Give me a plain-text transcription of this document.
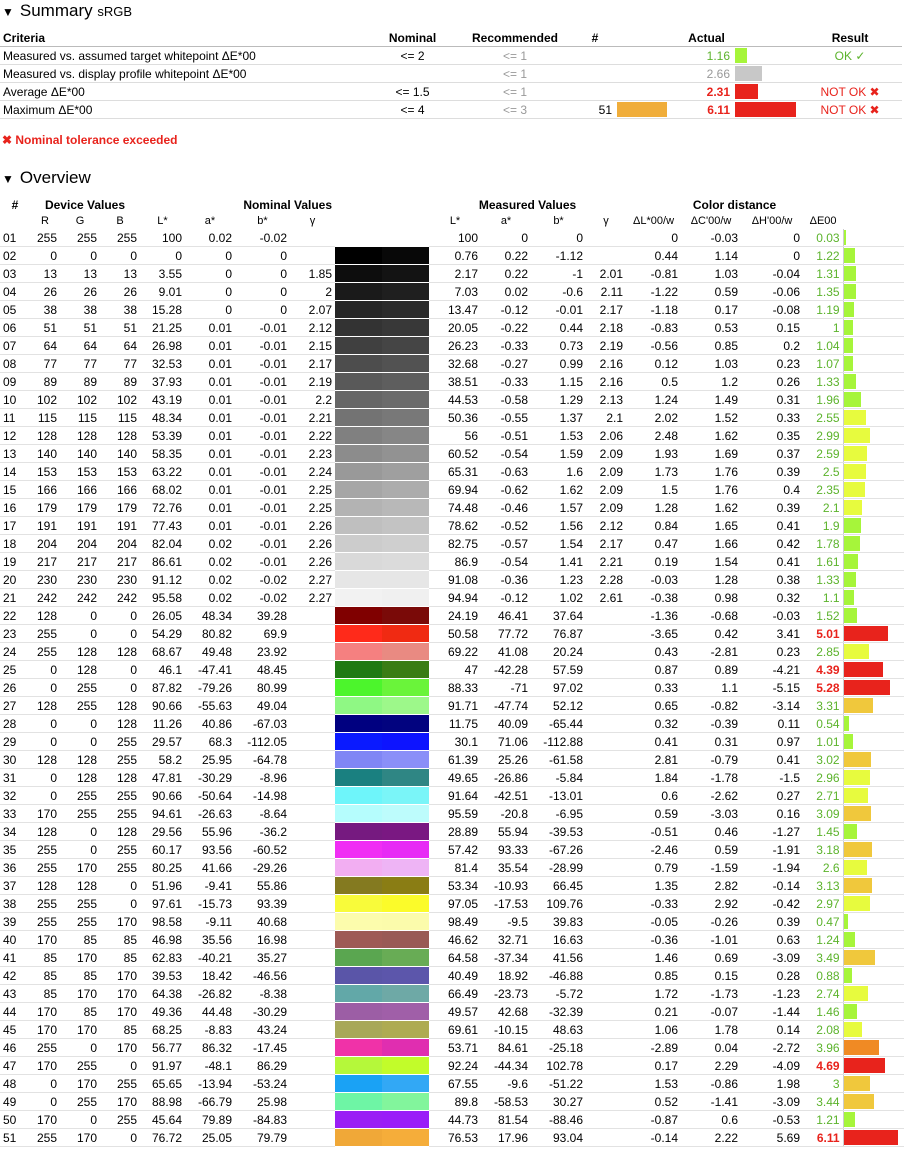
▼ Summary sRGB
Criteria	Nominal	Recommended	#	Actual			Result
Measured vs. assumed target whitepoint ΔE*00	<= 2	<= 1			1.16		OK ✓
Measured vs. display profile whitepoint ΔE*00		<= 1			2.66	

Average ΔE*00	<= 1.5	<= 1			2.31		NOT OK ✖
Maximum ΔE*00	<= 4	<= 3	51		6.11		NOT OK ✖
✖ Nominal tolerance exceeded
▼ Overview
#	Device Values			Nominal Values						Measured Values				Color distance				
	R	G	B	L*	a*	b*	γ			L*	a*	b*	γ	ΔL*00/w	ΔC'00/w	ΔH'00/w	ΔE00	
01	255	255	255	100	0.02	-0.02				100	0	0		0	-0.03	0	0.03	

02	0	0	0	0	0	0				0.76	0.22	-1.12		0.44	1.14	0	1.22	

03	13	13	13	3.55	0	0	1.85			2.17	0.22	-1	2.01	-0.81	1.03	-0.04	1.31	

04	26	26	26	9.01	0	0	2			7.03	0.02	-0.6	2.11	-1.22	0.59	-0.06	1.35	

05	38	38	38	15.28	0	0	2.07			13.47	-0.12	-0.01	2.17	-1.18	0.17	-0.08	1.19	

06	51	51	51	21.25	0.01	-0.01	2.12			20.05	-0.22	0.44	2.18	-0.83	0.53	0.15	1	

07	64	64	64	26.98	0.01	-0.01	2.15			26.23	-0.33	0.73	2.19	-0.56	0.85	0.2	1.04	

08	77	77	77	32.53	0.01	-0.01	2.17			32.68	-0.27	0.99	2.16	0.12	1.03	0.23	1.07	

09	89	89	89	37.93	0.01	-0.01	2.19			38.51	-0.33	1.15	2.16	0.5	1.2	0.26	1.33	

10	102	102	102	43.19	0.01	-0.01	2.2			44.53	-0.58	1.29	2.13	1.24	1.49	0.31	1.96	

11	115	115	115	48.34	0.01	-0.01	2.21			50.36	-0.55	1.37	2.1	2.02	1.52	0.33	2.55	

12	128	128	128	53.39	0.01	-0.01	2.22			56	-0.51	1.53	2.06	2.48	1.62	0.35	2.99	

13	140	140	140	58.35	0.01	-0.01	2.23			60.52	-0.54	1.59	2.09	1.93	1.69	0.37	2.59	

14	153	153	153	63.22	0.01	-0.01	2.24			65.31	-0.63	1.6	2.09	1.73	1.76	0.39	2.5	

15	166	166	166	68.02	0.01	-0.01	2.25			69.94	-0.62	1.62	2.09	1.5	1.76	0.4	2.35	

16	179	179	179	72.76	0.01	-0.01	2.25			74.48	-0.46	1.57	2.09	1.28	1.62	0.39	2.1	

17	191	191	191	77.43	0.01	-0.01	2.26			78.62	-0.52	1.56	2.12	0.84	1.65	0.41	1.9	

18	204	204	204	82.04	0.02	-0.01	2.26			82.75	-0.57	1.54	2.17	0.47	1.66	0.42	1.78	

19	217	217	217	86.61	0.02	-0.01	2.26			86.9	-0.54	1.41	2.21	0.19	1.54	0.41	1.61	

20	230	230	230	91.12	0.02	-0.02	2.27			91.08	-0.36	1.23	2.28	-0.03	1.28	0.38	1.33	

21	242	242	242	95.58	0.02	-0.02	2.27			94.94	-0.12	1.02	2.61	-0.38	0.98	0.32	1.1	

22	128	0	0	26.05	48.34	39.28				24.19	46.41	37.64		-1.36	-0.68	-0.03	1.52	

23	255	0	0	54.29	80.82	69.9				50.58	77.72	76.87		-3.65	0.42	3.41	5.01	

24	255	128	128	68.67	49.48	23.92				69.22	41.08	20.24		0.43	-2.81	0.23	2.85	

25	0	128	0	46.1	-47.41	48.45				47	-42.28	57.59		0.87	0.89	-4.21	4.39	

26	0	255	0	87.82	-79.26	80.99				88.33	-71	97.02		0.33	1.1	-5.15	5.28	

27	128	255	128	90.66	-55.63	49.04				91.71	-47.74	52.12		0.65	-0.82	-3.14	3.31	

28	0	0	128	11.26	40.86	-67.03				11.75	40.09	-65.44		0.32	-0.39	0.11	0.54	

29	0	0	255	29.57	68.3	-112.05				30.1	71.06	-112.88		0.41	0.31	0.97	1.01	

30	128	128	255	58.2	25.95	-64.78				61.39	25.26	-61.58		2.81	-0.79	0.41	3.02	

31	0	128	128	47.81	-30.29	-8.96				49.65	-26.86	-5.84		1.84	-1.78	-1.5	2.96	

32	0	255	255	90.66	-50.64	-14.98				91.64	-42.51	-13.01		0.6	-2.62	0.27	2.71	

33	170	255	255	94.61	-26.63	-8.64				95.59	-20.8	-6.95		0.59	-3.03	0.16	3.09	

34	128	0	128	29.56	55.96	-36.2				28.89	55.94	-39.53		-0.51	0.46	-1.27	1.45	

35	255	0	255	60.17	93.56	-60.52				57.42	93.33	-67.26		-2.46	0.59	-1.91	3.18	

36	255	170	255	80.25	41.66	-29.26				81.4	35.54	-28.99		0.79	-1.59	-1.94	2.6	

37	128	128	0	51.96	-9.41	55.86				53.34	-10.93	66.45		1.35	2.82	-0.14	3.13	

38	255	255	0	97.61	-15.73	93.39				97.05	-17.53	109.76		-0.33	2.92	-0.42	2.97	

39	255	255	170	98.58	-9.11	40.68				98.49	-9.5	39.83		-0.05	-0.26	0.39	0.47	

40	170	85	85	46.98	35.56	16.98				46.62	32.71	16.63		-0.36	-1.01	0.63	1.24	

41	85	170	85	62.83	-40.21	35.27				64.58	-37.34	41.56		1.46	0.69	-3.09	3.49	

42	85	85	170	39.53	18.42	-46.56				40.49	18.92	-46.88		0.85	0.15	0.28	0.88	

43	85	170	170	64.38	-26.82	-8.38				66.49	-23.73	-5.72		1.72	-1.73	-1.23	2.74	

44	170	85	170	49.36	44.48	-30.29				49.57	42.68	-32.39		0.21	-0.07	-1.44	1.46	

45	170	170	85	68.25	-8.83	43.24				69.61	-10.15	48.63		1.06	1.78	0.14	2.08	

46	255	0	170	56.77	86.32	-17.45				53.71	84.61	-25.18		-2.89	0.04	-2.72	3.96	

47	170	255	0	91.97	-48.1	86.29				92.24	-44.34	102.78		0.17	2.29	-4.09	4.69	

48	0	170	255	65.65	-13.94	-53.24				67.55	-9.6	-51.22		1.53	-0.86	1.98	3	

49	0	255	170	88.98	-66.79	25.98				89.8	-58.53	30.27		0.52	-1.41	-3.09	3.44	

50	170	0	255	45.64	79.89	-84.83				44.73	81.54	-88.46		-0.87	0.6	-0.53	1.21	

51	255	170	0	76.72	25.05	79.79				76.53	17.96	93.04		-0.14	2.22	5.69	6.11	
